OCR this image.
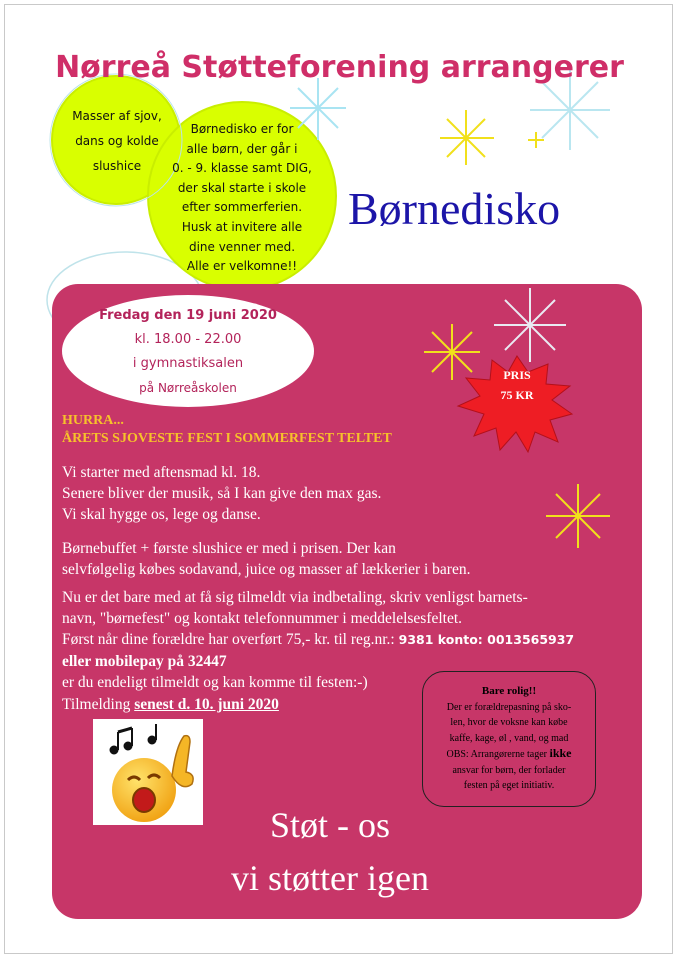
Nørreå Støtteforening arrangerer
Masser af sjov,
dans og kolde
slushice
Børnedisko er for
alle børn, der går i
0. - 9. klasse samt DIG,
der skal starte i skole
efter sommerferien.
Husk at invitere alle
dine venner med.
Alle er velkomne!!
Børnedisko
Fredag den 19 juni 2020
kl. 18.00 - 22.00
i gymnastiksalen
på Nørreåskolen
PRIS
75 KR
HURRA...
ÅRETS SJOVESTE FEST I SOMMERFEST TELTET
Vi starter med aftensmad kl. 18.
Senere bliver der musik, så I kan give den max gas.
Vi skal hygge os, lege og danse.
Børnebuffet + første slushice er med i prisen. Der kan
selvfølgelig købes sodavand, juice og masser af lækkerier i baren.
Nu er det bare med at få sig tilmeldt via indbetaling, skriv venligst barnets-
navn, "børnefest" og kontakt telefonnummer i meddelelsesfeltet.
Først når dine forældre har overført 75,- kr. til reg.nr.: 9381 konto: 0013565937
eller mobilepay på 32447
er du endeligt tilmeldt og kan komme til festen:-)
Tilmelding senest d. 10. juni 2020
Bare rolig!!
Der er forældrepasning på sko-
len, hvor de voksne kan købe
kaffe, kage, øl , vand, og mad
OBS: Arrangørerne tager ikke
ansvar for børn, der forlader
festen på eget initiativ.
Støt - os
vi støtter igen
